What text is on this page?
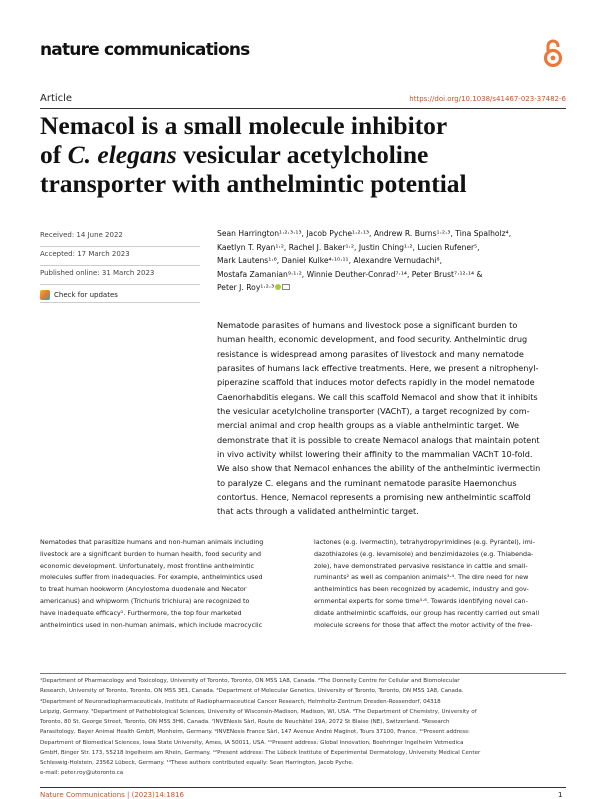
nature communications
Article	https://doi.org/10.1038/s41467-023-37482-6
Nemacol is a small molecule inhibitor
of C. elegans vesicular acetylcholine
transporter with anthelmintic potential
Received: 14 June 2022
Accepted: 17 March 2023
Published online: 31 March 2023
Check for updates
Sean Harrington¹·²·³·¹³, Jacob Pyche¹·²·¹³, Andrew R. Burns¹·²·³, Tina Spalholz⁴,
Kaetlyn T. Ryan¹·², Rachel J. Baker¹·², Justin Ching¹·², Lucien Rufener⁵,
Mark Lautens¹·⁶, Daniel Kulke⁴·¹⁰·¹¹, Alexandre Vernudachi⁸,
Mostafa Zamanian⁹·¹·², Winnie Deuther-Conrad⁷·¹⁴, Peter Brust⁷·¹²·¹⁴ &
Peter J. Roy¹·²·³
Nematode parasites of humans and livestock pose a significant burden to
human health, economic development, and food security. Anthelmintic drug
resistance is widespread among parasites of livestock and many nematode
parasites of humans lack effective treatments. Here, we present a nitrophenyl-
piperazine scaffold that induces motor defects rapidly in the model nematode
Caenorhabditis elegans. We call this scaffold Nemacol and show that it inhibits
the vesicular acetylcholine transporter (VAChT), a target recognized by com-
mercial animal and crop health groups as a viable anthelmintic target. We
demonstrate that it is possible to create Nemacol analogs that maintain potent
in vivo activity whilst lowering their affinity to the mammalian VAChT 10-fold.
We also show that Nemacol enhances the ability of the anthelmintic ivermectin
to paralyze C. elegans and the ruminant nematode parasite Haemonchus
contortus. Hence, Nemacol represents a promising new anthelmintic scaffold
that acts through a validated anthelmintic target.
Nematodes that parasitize humans and non-human animals including
livestock are a significant burden to human health, food security and
economic development. Unfortunately, most frontline anthelmintic
molecules suffer from inadequacies. For example, anthelmintics used
to treat human hookworm (Ancylostoma duodenale and Necator
americanus) and whipworm (Trichuris trichiura) are recognized to
have inadequate efficacy¹. Furthermore, the top four marketed
anthelmintics used in non-human animals, which include macrocyclic
lactones (e.g. ivermectin), tetrahydropyrimidines (e.g. Pyrantel), imi-
dazothiazoles (e.g. levamisole) and benzimidazoles (e.g. Thiabenda-
zole), have demonstrated pervasive resistance in cattle and small-
ruminants² as well as companion animals³·⁴. The dire need for new
anthelmintics has been recognized by academic, industry and gov-
ernmental experts for some time⁵·⁶. Towards identifying novel can-
didate anthelmintic scaffolds, our group has recently carried out small
molecule screens for those that affect the motor activity of the free-
¹Department of Pharmacology and Toxicology, University of Toronto, Toronto, ON M5S 1A8, Canada. ²The Donnelly Centre for Cellular and Biomolecular
Research, University of Toronto, Toronto, ON M5S 3E1, Canada. ³Department of Molecular Genetics, University of Toronto, Toronto, ON M5S 1A8, Canada.
⁴Department of Neuroradiopharmaceuticals, Institute of Radiopharmaceutical Cancer Research, Helmholtz-Zentrum Dresden-Rossendorf, 04318
Leipzig, Germany. ⁵Department of Pathobiological Sciences, University of Wisconsin-Madison, Madison, WI, USA. ⁶The Department of Chemistry, University of
Toronto, 80 St. George Street, Toronto, ON M5S 3H6, Canada. ⁷INVENesis Sàrl, Route de Neuchâtel 19A, 2072 St Blaise (NE), Switzerland. ⁸Research
Parasitology, Bayer Animal Health GmbH, Monheim, Germany. ⁹INVENesis France Sàrl, 147 Avenue André Maginot, Tours 37100, France. ¹⁰Present address:
Department of Biomedical Sciences, Iowa State University, Ames, IA 50011, USA. ¹¹Present address: Global Innovation, Boehringer Ingelheim Vetmedica
GmbH, Binger Str. 173, 55218 Ingelheim am Rhein, Germany. ¹²Present address: The Lübeck Institute of Experimental Dermatology, University Medical Center
Schleswig-Holstein, 23562 Lübeck, Germany. ¹³These authors contributed equally: Sean Harrington, Jacob Pyche.
e-mail: peter.roy@utoronto.ca
Nature Communications | (2023)14:1816	1
